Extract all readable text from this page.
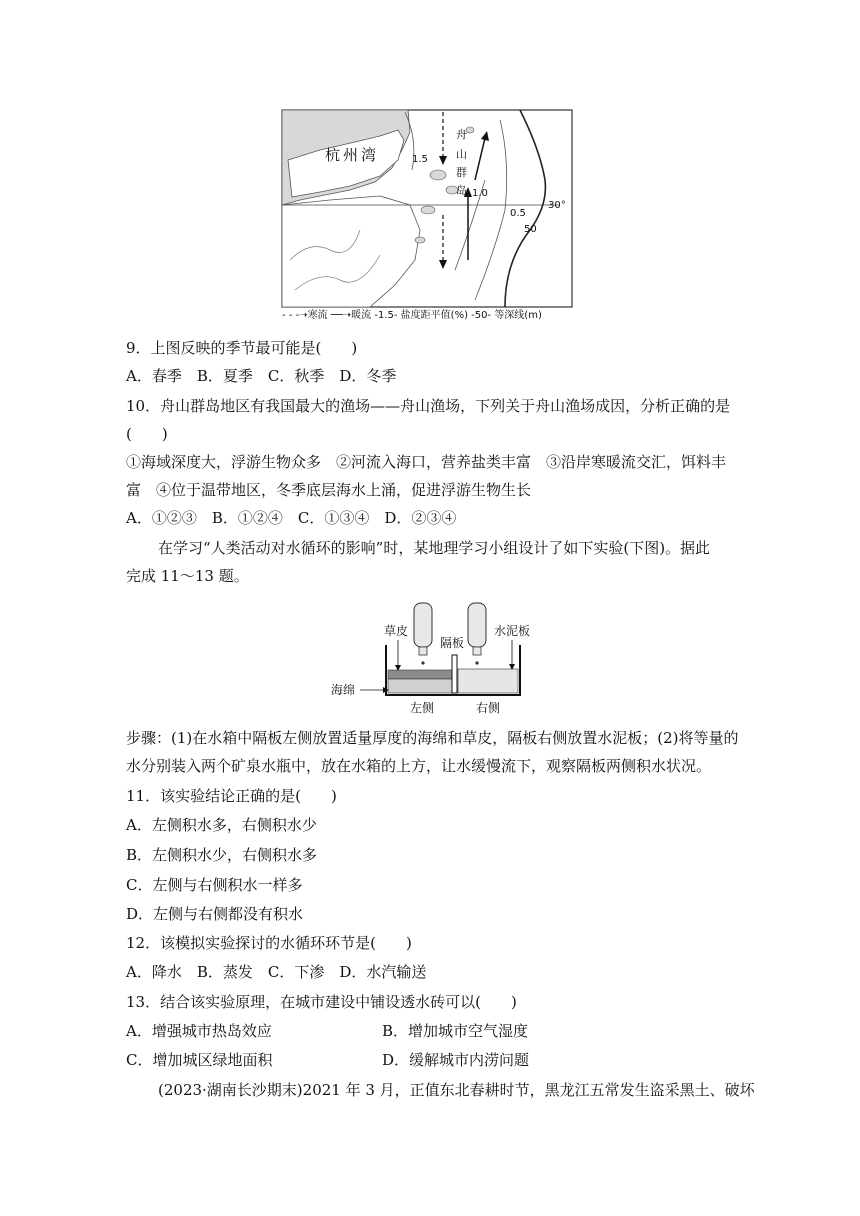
杭州湾
舟
山
群
岛
1.5
1.0
0.5
50
30°
- - -➝寒流 ──➝暖流 -1.5- 盐度距平值(%) -50- 等深线(m)
9．上图反映的季节最可能是(　　)
A．春季　B．夏季　C．秋季　D．冬季
10．舟山群岛地区有我国最大的渔场——舟山渔场，下列关于舟山渔场成因，分析正确的是
(　　)
①海域深度大，浮游生物众多　②河流入海口，营养盐类丰富　③沿岸寒暖流交汇，饵料丰
富　④位于温带地区，冬季底层海水上涌，促进浮游生物生长
A．①②③　B．①②④　C．①③④　D．②③④
在学习“人类活动对水循环的影响”时，某地理学习小组设计了如下实验(下图)。据此
完成 11～13 题。
草皮
隔板
水泥板
海绵
左侧	右侧
步骤：(1)在水箱中隔板左侧放置适量厚度的海绵和草皮，隔板右侧放置水泥板；(2)将等量的
水分别装入两个矿泉水瓶中，放在水箱的上方，让水缓慢流下，观察隔板两侧积水状况。
11．该实验结论正确的是(　　)
A．左侧积水多，右侧积水少
B．左侧积水少，右侧积水多
C．左侧与右侧积水一样多
D．左侧与右侧都没有积水
12．该模拟实验探讨的水循环环节是(　　)
A．降水　B．蒸发　C．下渗　D．水汽输送
13．结合该实验原理，在城市建设中铺设透水砖可以(　　)
A．增强城市热岛效应	B．增加城市空气湿度
C．增加城区绿地面积	D．缓解城市内涝问题
(2023·湖南长沙期末)2021 年 3 月，正值东北春耕时节，黑龙江五常发生盗采黑土、破坏
